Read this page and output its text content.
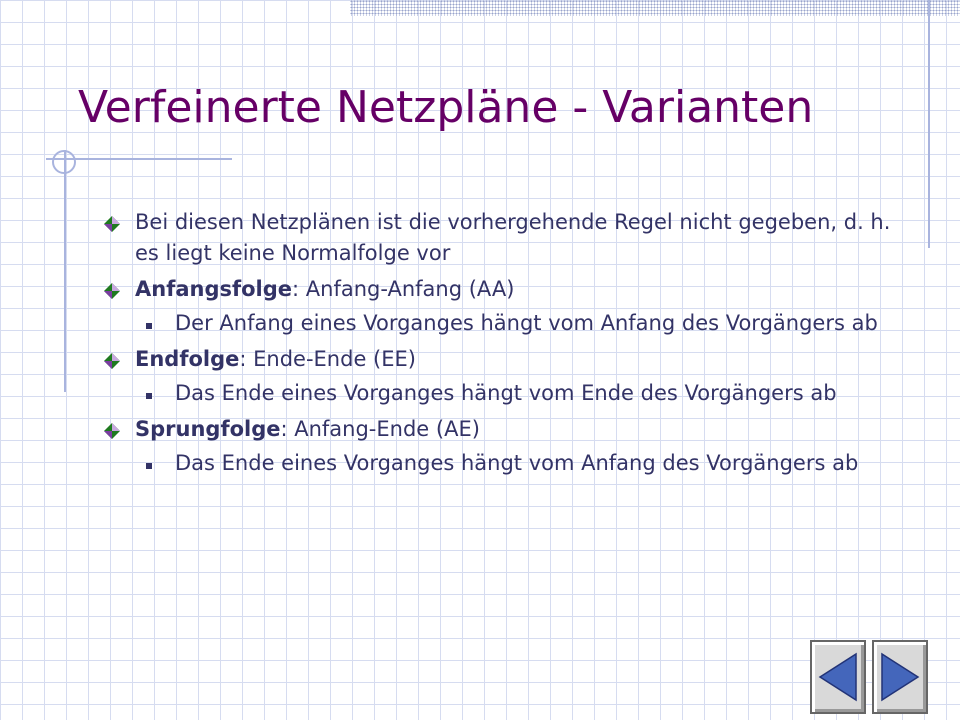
Verfeinerte Netzpläne - Varianten
Bei diesen Netzplänen ist die vorhergehende Regel nicht gegeben, d. h. es liegt keine Normalfolge vor
Anfangsfolge: Anfang-Anfang (AA)
Der Anfang eines Vorganges hängt vom Anfang des Vorgängers ab
Endfolge: Ende-Ende (EE)
Das Ende eines Vorganges hängt vom Ende des Vorgängers ab
Sprungfolge: Anfang-Ende (AE)
Das Ende eines Vorganges hängt vom Anfang des Vorgängers ab
